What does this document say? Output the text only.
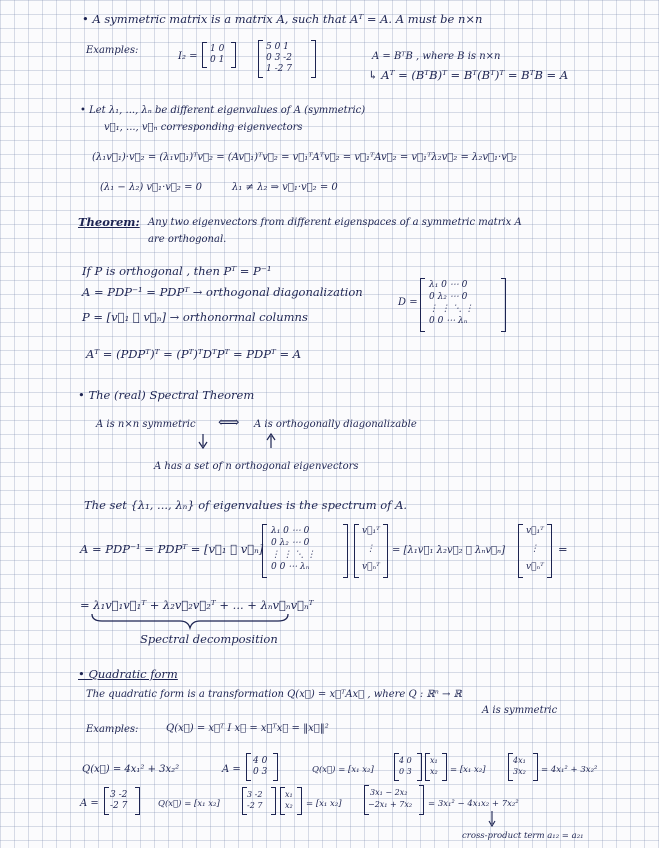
• A symmetric matrix is a matrix A, such that Aᵀ = A. A must be n×n
Examples:
I₂ =
1 0
0 1
5 0 1
0 3 -2
1 -2 7
A = BᵀB , where B is n×n
↳ Aᵀ = (BᵀB)ᵀ = Bᵀ(Bᵀ)ᵀ = BᵀB = A
• Let λ₁, ..., λₙ be different eigenvalues of A (symmetric)
v⃗₁, ..., v⃗ₙ corresponding eigenvectors
(λ₁v⃗₁)·v⃗₂ = (λ₁v⃗₁)ᵀv⃗₂ = (Av⃗₁)ᵀv⃗₂ = v⃗₁ᵀAᵀv⃗₂ = v⃗₁ᵀAv⃗₂ = v⃗₁ᵀλ₂v⃗₂ = λ₂v⃗₁·v⃗₂
(λ₁ − λ₂) v⃗₁·v⃗₂ = 0	λ₁ ≠ λ₂ ⇒ v⃗₁·v⃗₂ = 0
Theorem: Any two eigenvectors from different eigenspaces of a symmetric matrix A
are orthogonal.
If P is orthogonal , then Pᵀ = P⁻¹
A = PDP⁻¹ = PDPᵀ → orthogonal diagonalization
P = [v⃗₁ ⋯ v⃗ₙ] → orthonormal columns
D =
λ₁ 0 ⋯ 0
0 λ₂ ⋯ 0
⋮ ⋮ ⋱ ⋮
0 0 ⋯ λₙ
Aᵀ = (PDPᵀ)ᵀ = (Pᵀ)ᵀDᵀPᵀ = PDPᵀ = A
• The (real) Spectral Theorem
A is n×n symmetric ⟺ A is orthogonally diagonalizable
A has a set of n orthogonal eigenvectors
The set {λ₁, ..., λₙ} of eigenvalues is the spectrum of A.
A = PDP⁻¹ = PDPᵀ = [v⃗₁ ⋯ v⃗ₙ]
λ₁ 0 ⋯ 0
0 λ₂ ⋯ 0
⋮ ⋮ ⋱ ⋮
0 0 ⋯ λₙ
v⃗₁ᵀ
⋮
v⃗ₙᵀ
= [λ₁v⃗₁ λ₂v⃗₂ ⋯ λₙv⃗ₙ]
v⃗₁ᵀ
⋮
v⃗ₙᵀ
=
= λ₁v⃗₁v⃗₁ᵀ + λ₂v⃗₂v⃗₂ᵀ + ... + λₙv⃗ₙv⃗ₙᵀ
Spectral decomposition
• Quadratic form
The quadratic form is a transformation Q(x⃗) = x⃗ᵀAx⃗ , where Q : ℝⁿ → ℝ
A is symmetric
Examples:	Q(x⃗) = x⃗ᵀ I x⃗ = x⃗ᵀx⃗ = ‖x⃗‖²
Q(x⃗) = 4x₁² + 3x₂²	A =
4 0
0 3	Q(x⃗) = [x₁ x₂]
4 0
0 3
x₁
x₂ = [x₁ x₂]
4x₁
3x₂ = 4x₁² + 3x₂²
A =
3 -2
-2 7	Q(x⃗) = [x₁ x₂]
3 -2
-2 7
x₁
x₂ = [x₁ x₂]
3x₁ − 2x₂
−2x₁ + 7x₂ = 3x₁² − 4x₁x₂ + 7x₂²
cross-product term a₁₂ = a₂₁
